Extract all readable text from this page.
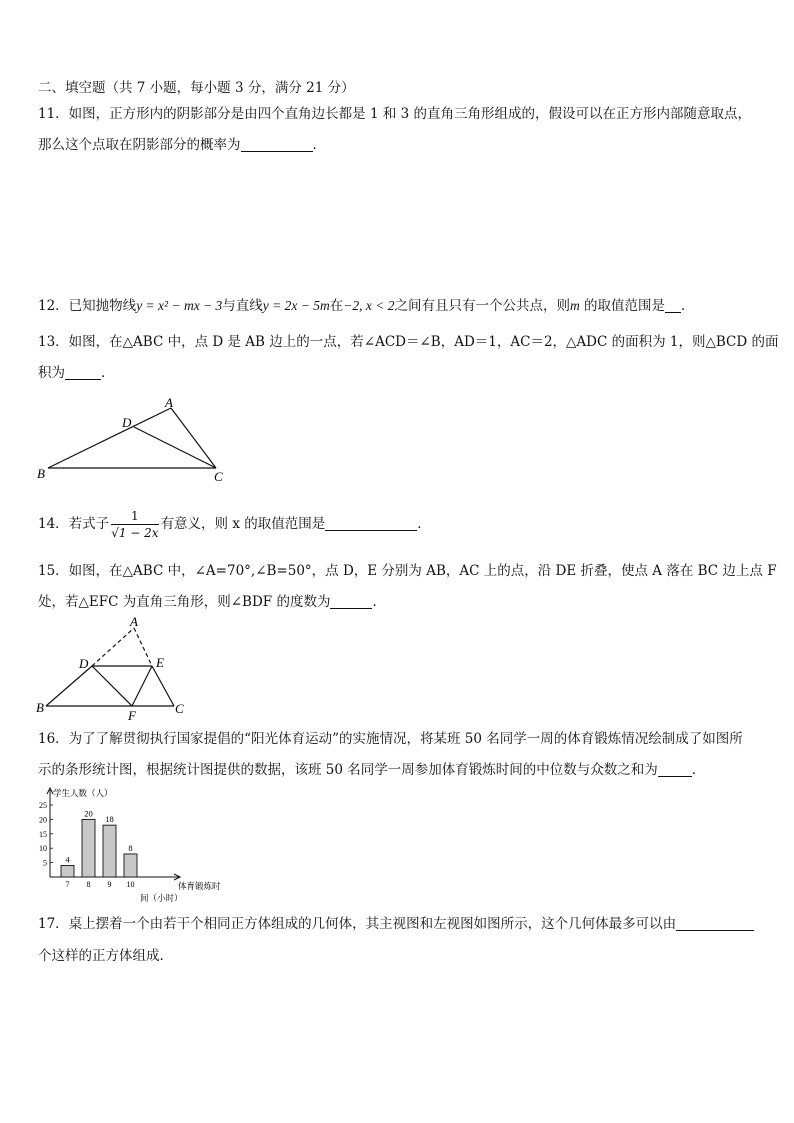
二、填空题（共 7 小题，每小题 3 分，满分 21 分）
11．如图，正方形内的阴影部分是由四个直角边长都是 1 和 3 的直角三角形组成的，假设可以在正方形内部随意取点，
那么这个点取在阴影部分的概率为	．
12．已知抛物线y = x² − mx − 3与直线y = 2x − 5m在−2, x < 2之间有且只有一个公共点，则m 的取值范围是 ．
13．如图，在△ABC 中，点 D 是 AB 边上的一点，若∠ACD＝∠B，AD＝1，AC＝2，△ADC 的面积为 1，则△BCD 的面
积为	．
A
D
B	C
14．若式子 $\frac{1}{√1 - 2x}$ 有意义，则 x 的取值范围是	．
15．如图，在△ABC 中，∠A=70°,∠B=50°，点 D，E 分别为 AB，AC 上的点，沿 DE 折叠，使点 A 落在 BC 边上点 F
处，若△EFC 为直角三角形，则∠BDF 的度数为	．
A
D	E
B
F	C
16．为了了解贯彻执行国家提倡的“阳光体育运动”的实施情况，将某班 50 名同学一周的体育锻炼情况绘制成了如图所
示的条形统计图，根据统计图提供的数据，该班 50 名同学一周参加体育锻炼时间的中位数与众数之和为	．
学生人数（人）
体育锻炼时
间（小时）
5
10
15
20
25
4
7
20
8
18
9
8
10
17．桌上摆着一个由若干个相同正方体组成的几何体，其主视图和左视图如图所示，这个几何体最多可以由
个这样的正方体组成.
